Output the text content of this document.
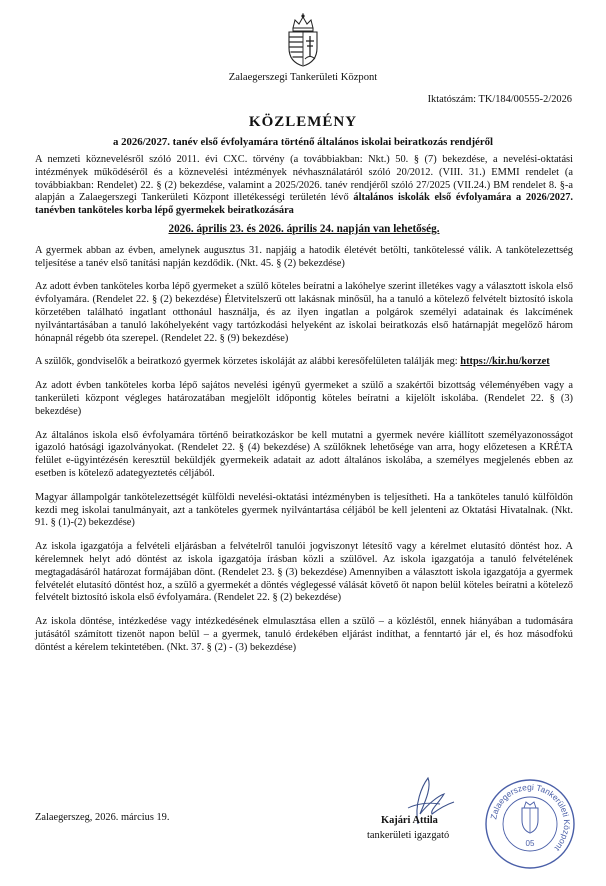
Zalaegerszegi Tankerületi Központ
Iktatószám: TK/184/00555-2/2026
KÖZLEMÉNY
a 2026/2027. tanév első évfolyamára történő általános iskolai beiratkozás rendjéről

A nemzeti köznevelésről szóló 2011. évi CXC. törvény (a továbbiakban: Nkt.) 50. § (7) bekezdése, a nevelési-oktatási intézmények működéséről és a köznevelési intézmények névhasználatáról szóló 20/2012. (VIII. 31.) EMMI rendelet (a továbbiakban: Rendelet) 22. § (2) bekezdése, valamint a 2025/2026. tanév rendjéről szóló 27/2025 (VII.24.) BM rendelet 8. §-a alapján a Zalaegerszegi Tankerületi Központ illetékességi területén lévő általános iskolák első évfolyamára a 2026/2027. tanévben tanköteles korba lépő gyermekek beiratkozására

2026. április 23. és 2026. április 24. napján van lehetőség.

A gyermek abban az évben, amelynek augusztus 31. napjáig a hatodik életévét betölti, tankötelessé válik. A tankötelezettség teljesítése a tanév első tanítási napján kezdődik. (Nkt. 45. § (2) bekezdése)

Az adott évben tanköteles korba lépő gyermeket a szülő köteles beíratni a lakóhelye szerint illetékes vagy a választott iskola első évfolyamára. (Rendelet 22. § (2) bekezdése) Életvitelszerű ott lakásnak minősül, ha a tanuló a kötelező felvételt biztosító iskola körzetében található ingatlant otthonául használja, és az ilyen ingatlan a polgárok személyi adatainak és lakcímének nyilvántartásában a tanuló lakóhelyeként vagy tartózkodási helyeként az iskolai beiratkozás első határnapját megelőző három hónapnál régebb óta szerepel. (Rendelet 22. § (9) bekezdése)

A szülők, gondviselők a beiratkozó gyermek körzetes iskoláját az alábbi keresőfelületen találják meg: https://kir.hu/korzet

Az adott évben tanköteles korba lépő sajátos nevelési igényű gyermeket a szülő a szakértői bizottság véleményében vagy a tankerületi központ végleges határozatában megjelölt időpontig köteles beíratni a kijelölt iskolába. (Rendelet 22. § (3) bekezdése)

Az általános iskola első évfolyamára történő beiratkozáskor be kell mutatni a gyermek nevére kiállított személyazonosságot igazoló hatósági igazolványokat. (Rendelet 22. § (4) bekezdése) A szülőknek lehetősége van arra, hogy előzetesen a KRÉTA felület e-ügyintézésén keresztül beküldjék gyermekeik adatait az adott általános iskolába, a személyes megjelenés ebben az esetben is kötelező adategyeztetés céljából.

Magyar állampolgár tankötelezettségét külföldi nevelési-oktatási intézményben is teljesítheti. Ha a tanköteles tanuló külföldön kezdi meg iskolai tanulmányait, azt a tanköteles gyermek nyilvántartása céljából be kell jelenteni az Oktatási Hivatalnak. (Nkt. 91. § (1)-(2) bekezdése)

Az iskola igazgatója a felvételi eljárásban a felvételről tanulói jogviszonyt létesítő vagy a kérelmet elutasító döntést hoz. A kérelemnek helyt adó döntést az iskola igazgatója írásban közli a szülővel. Az iskola igazgatója a tanuló felvételének megtagadásáról határozat formájában dönt. (Rendelet 23. § (3) bekezdése) Amennyiben a választott iskola igazgatója a gyermek felvételét elutasító döntést hoz, a szülő a gyermekét a döntés véglegessé válását követő öt napon belül köteles beíratni a kötelező felvételt biztosító iskola első évfolyamára. (Rendelet 22. § (2) bekezdése)

Az iskola döntése, intézkedése vagy intézkedésének elmulasztása ellen a szülő – a közléstől, ennek hiányában a tudomására jutásától számított tizenöt napon belül – a gyermek, tanuló érdekében eljárást indíthat, a fenntartó jár el, és hoz másodfokú döntést a kérelem tekintetében. (Nkt. 37. § (2) - (3) bekezdése)

Zalaegerszeg, 2026. március 19.	Kajári Attila
tankerületi igazgató
Zalaegerszegi Tankerületi Központ
05
